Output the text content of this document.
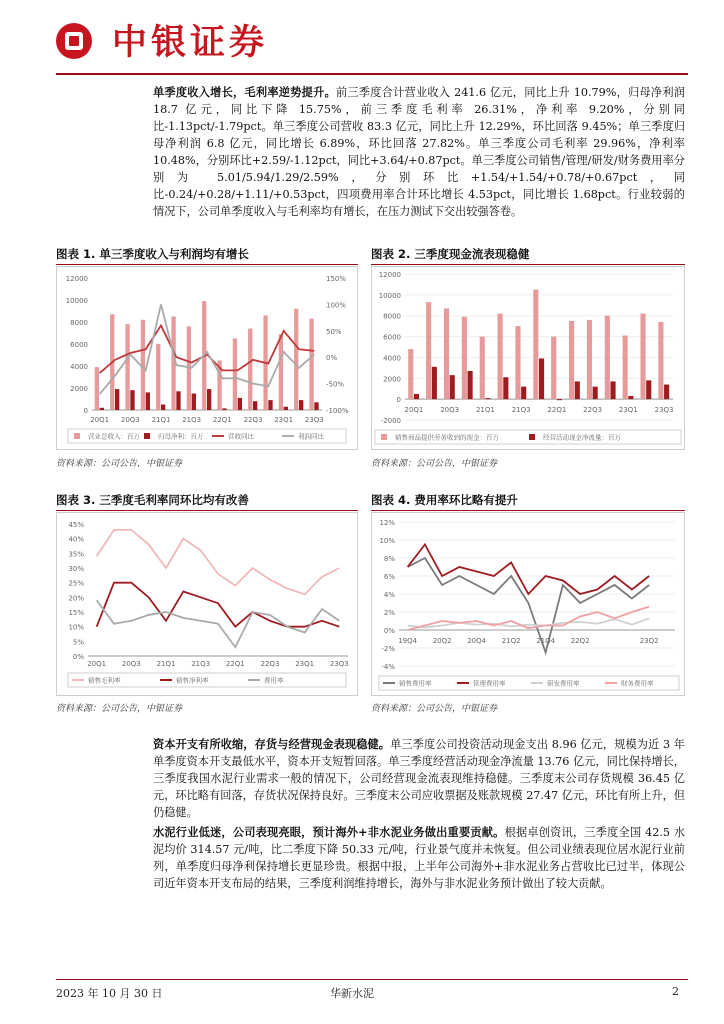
中银证券
单季度收入增长，毛利率逆势提升。前三季度合计营业收入 241.6 亿元，同比上升 10.79%，归母净利润 18.7 亿元，同比下降 15.75%，前三季度毛利率 26.31%，净利率 9.20%，分别同比-1.13pct/-1.79pct。单三季度公司营收 83.3 亿元，同比上升 12.29%，环比回落 9.45%；单三季度归母净利润 6.8 亿元，同比增长 6.89%，环比回落 27.82%。单三季度公司毛利率 29.96%，净利率 10.48%，分别环比+2.59/-1.12pct，同比+3.64/+0.87pct。单三季度公司销售/管理/研发/财务费用率分别为 5.01/5.94/1.29/2.59%，分别环比+1.54/+1.54/+0.78/+0.67pct，同比-0.24/+0.28/+1.11/+0.53pct，四项费用率合计环比增长 4.53pct，同比增长 1.68pct。行业较弱的情况下，公司单季度收入与毛利率均有增长，在压力测试下交出较强答卷。
图表 1. 单三季度收入与利润均有增长
0
2000
4000
6000
8000
10000
12000
-100%
-50%
0%
50%
100%
150%
20Q1 20Q3 21Q1 21Q3 22Q1 22Q3 23Q1 23Q3
营业总收入：百万	归母净利：百万	营收同比	利润同比
资料来源：公司公告，中银证券
图表 2. 三季度现金流表现稳健
-2000
0
2000
4000
6000
8000
10000
12000
20Q1 20Q3 21Q1 21Q3 22Q1 22Q3 23Q1 23Q3
销售商品提供劳务收到的现金：百万	经营活动现金净流量：百万
资料来源：公司公告，中银证券
图表 3. 三季度毛利率同环比均有改善
0%
5%
10%
15%
20%
25%
30%
35%
40%
45%
20Q1 20Q3 21Q1 21Q3 22Q1 22Q3 23Q1 23Q3
销售毛利率	销售净利率	费用率
资料来源：公司公告，中银证券
图表 4. 费用率环比略有提升
-4%
-2%
0%
2%
4%
6%
8%
10%
12%
19Q4 20Q2 20Q4 21Q2 21Q4 22Q2	23Q2
销售费用率	管理费用率	研发费用率	财务费用率
资料来源：公司公告，中银证券
资本开支有所收缩，存货与经营现金表现稳健。单三季度公司投资活动现金支出 8.96 亿元，规模为近 3 年单季度资本开支最低水平，资本开支短暂回落。单三季度经营活动现金净流量 13.76 亿元，同比保持增长，三季度我国水泥行业需求一般的情况下，公司经营现金流表现维持稳健。三季度末公司存货规模 36.45 亿元，环比略有回落，存货状况保持良好。三季度末公司应收票据及账款规模 27.47 亿元，环比有所上升，但仍稳健。
水泥行业低迷，公司表现亮眼，预计海外+非水泥业务做出重要贡献。根据卓创资讯，三季度全国 42.5 水泥均价 314.57 元/吨，比二季度下降 50.33 元/吨，行业景气度并未恢复。但公司业绩表现位居水泥行业前列，单季度归母净利保持增长更显珍贵。根据中报，上半年公司海外+非水泥业务占营收比已过半，体现公司近年资本开支布局的结果，三季度利润维持增长，海外与非水泥业务预计做出了较大贡献。
2023 年 10 月 30 日	华新水泥	2
